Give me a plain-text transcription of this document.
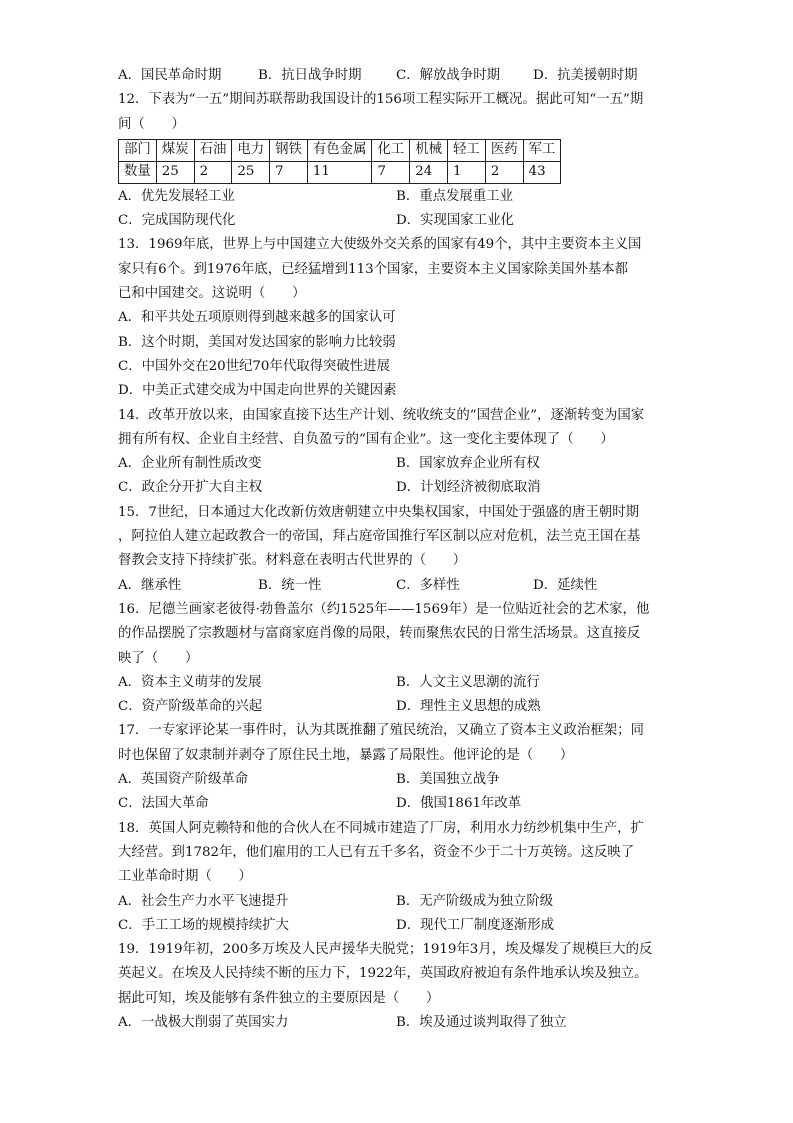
A．国民革命时期	B．抗日战争时期	C．解放战争时期	D．抗美援朝时期
12．下表为“一五”期间苏联帮助我国设计的156项工程实际开工概况。据此可知“一五”期
间（　　）
部门	煤炭	石油	电力	钢铁	有色金属	化工	机械	轻工	医药	军工
数量	25	2	25	7	11	7	24	1	2	43
A．优先发展轻工业	B．重点发展重工业
C．完成国防现代化	D．实现国家工业化
13．1969年底，世界上与中国建立大使级外交关系的国家有49个，其中主要资本主义国
家只有6个。到1976年底，已经猛增到113个国家，主要资本主义国家除美国外基本都
已和中国建交。这说明（　　）
A．和平共处五项原则得到越来越多的国家认可
B．这个时期，美国对发达国家的影响力比较弱
C．中国外交在20世纪70年代取得突破性进展
D．中美正式建交成为中国走向世界的关键因素
14．改革开放以来，由国家直接下达生产计划、统收统支的“国营企业”，逐渐转变为国家
拥有所有权、企业自主经营、自负盈亏的“国有企业”。这一变化主要体现了（　　）
A．企业所有制性质改变	B．国家放弃企业所有权
C．政企分开扩大自主权	D．计划经济被彻底取消
15．7世纪，日本通过大化改新仿效唐朝建立中央集权国家，中国处于强盛的唐王朝时期
，阿拉伯人建立起政教合一的帝国，拜占庭帝国推行军区制以应对危机，法兰克王国在基
督教会支持下持续扩张。材料意在表明古代世界的（　　）
A．继承性	B．统一性	C．多样性	D．延续性
16．尼德兰画家老彼得·勃鲁盖尔（约1525年——1569年）是一位贴近社会的艺术家，他
的作品摆脱了宗教题材与富商家庭肖像的局限，转而聚焦农民的日常生活场景。这直接反
映了（　　）
A．资本主义萌芽的发展	B．人文主义思潮的流行
C．资产阶级革命的兴起	D．理性主义思想的成熟
17．一专家评论某一事件时，认为其既推翻了殖民统治，又确立了资本主义政治框架；同
时也保留了奴隶制并剥夺了原住民土地，暴露了局限性。他评论的是（　　）
A．英国资产阶级革命	B．美国独立战争
C．法国大革命	D．俄国1861年改革
18．英国人阿克赖特和他的合伙人在不同城市建造了厂房，利用水力纺纱机集中生产，扩
大经营。到1782年，他们雇用的工人已有五千多名，资金不少于二十万英镑。这反映了
工业革命时期（　　）
A．社会生产力水平飞速提升	B．无产阶级成为独立阶级
C．手工工场的规模持续扩大	D．现代工厂制度逐渐形成
19．1919年初，200多万埃及人民声援华夫脱党；1919年3月，埃及爆发了规模巨大的反
英起义。在埃及人民持续不断的压力下，1922年，英国政府被迫有条件地承认埃及独立。
据此可知，埃及能够有条件独立的主要原因是（　　）
A．一战极大削弱了英国实力	B．埃及通过谈判取得了独立
